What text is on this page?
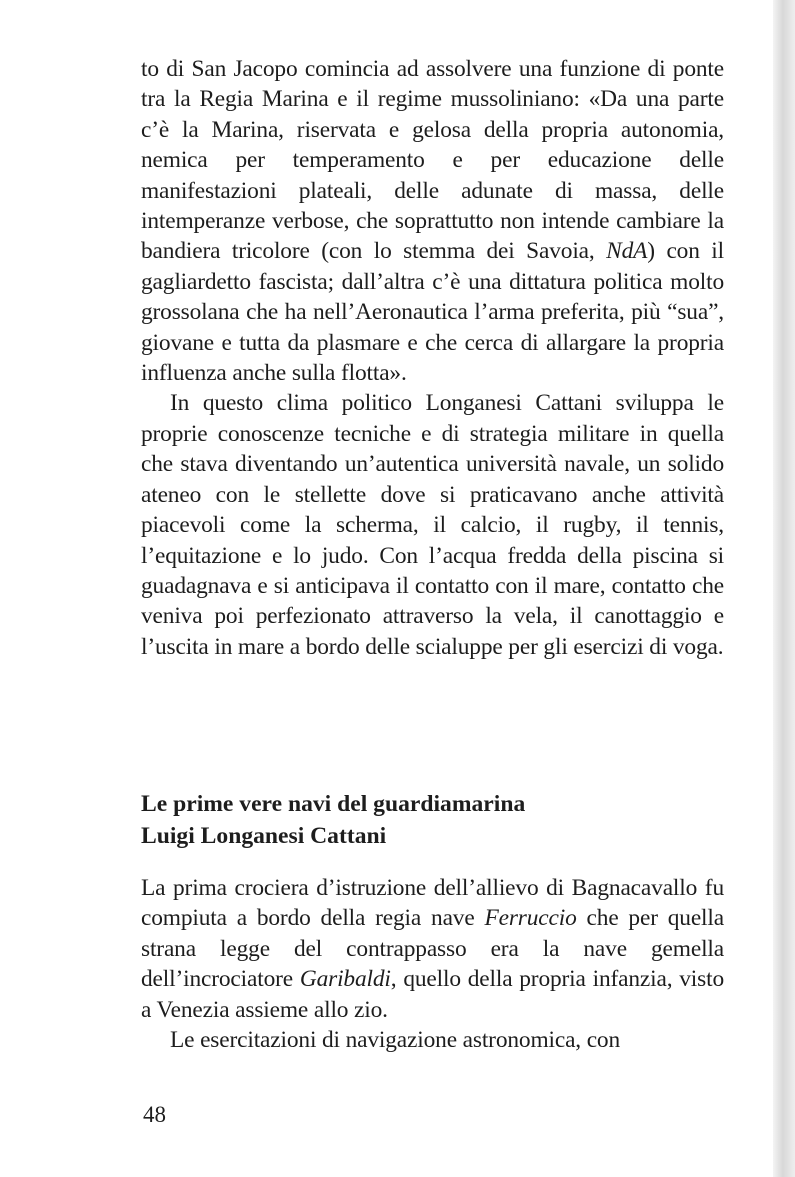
to di San Jacopo comincia ad assolvere una funzione di ponte tra la Regia Marina e il regime mussoliniano: «Da una parte c’è la Marina, riservata e gelosa della propria autonomia, nemica per temperamento e per educazione delle manifestazioni plateali, delle adunate di massa, delle intemperanze verbose, che soprattutto non intende cambiare la bandiera tricolore (con lo stemma dei Savoia, NdA) con il gagliardetto fascista; dall’altra c’è una dittatura politica molto grossolana che ha nell’Aeronautica l’arma preferita, più “sua”, giovane e tutta da plasmare e che cerca di allargare la propria influenza anche sulla flotta».

In questo clima politico Longanesi Cattani sviluppa le proprie conoscenze tecniche e di strategia militare in quella che stava diventando un’autentica università navale, un solido ateneo con le stellette dove si praticavano anche attività piacevoli come la scherma, il calcio, il rugby, il tennis, l’equitazione e lo judo. Con l’acqua fredda della piscina si guadagnava e si anticipava il contatto con il mare, contatto che veniva poi perfezionato attraverso la vela, il canottaggio e l’uscita in mare a bordo delle scialuppe per gli esercizi di voga.

Le prime vere navi del guardiamarina
Luigi Longanesi Cattani

La prima crociera d’istruzione dell’allievo di Bagnacavallo fu compiuta a bordo della regia nave Ferruccio che per quella strana legge del contrappasso era la nave gemella dell’incrociatore Garibaldi, quello della propria infanzia, visto a Venezia assieme allo zio.

Le esercitazioni di navigazione astronomica, con

48
